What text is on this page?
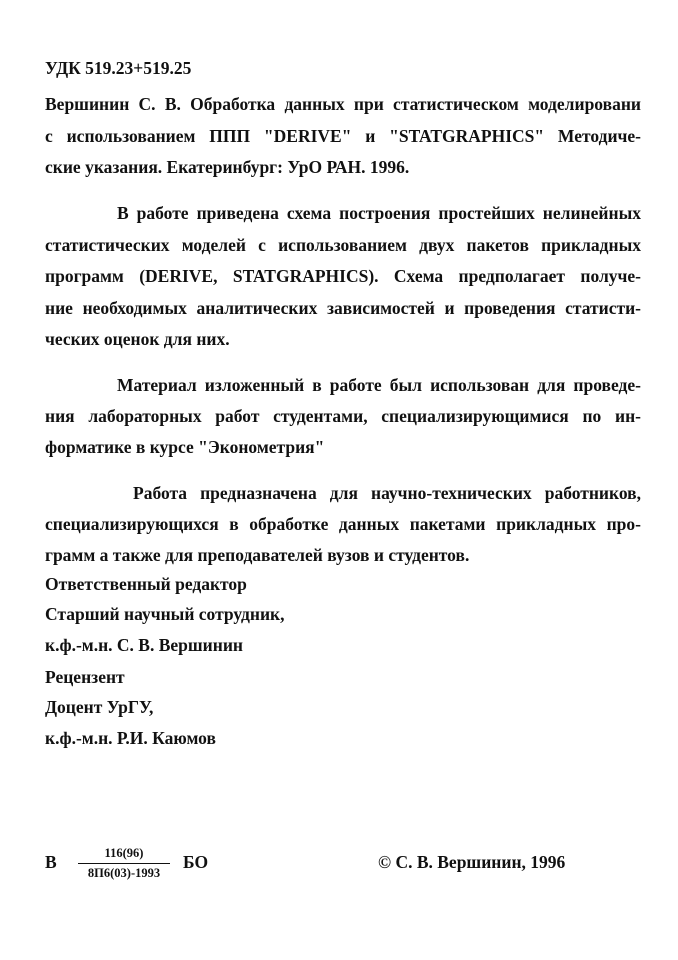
УДК 519.23+519.25
Вершинин С. В. Обработка данных при статистическом моделировани
с использованием ППП "DERIVE" и "STATGRAPHICS" Методиче-
ские указания. Екатеринбург: УрО РАН. 1996.
В работе приведена схема построения простейших нелинейных
статистических моделей с использованием двух пакетов прикладных
программ (DERIVE, STATGRAPHICS). Схема предполагает получе-
ние необходимых аналитических зависимостей и проведения статисти-
ческих оценок для них.
Материал изложенный в работе был использован для проведе-
ния лабораторных работ студентами, специализирующимися по ин-
форматике в курсе "Эконометрия"
Работа предназначена для научно-технических работников,
специализирующихся в обработке данных пакетами прикладных про-
грамм а также для преподавателей вузов и студентов.
Ответственный редактор
Старший научный сотрудник,
к.ф.-м.н. С. В. Вершинин
Рецензент
Доцент УрГУ,
к.ф.-м.н. Р.И. Каюмов
В	116(96)
8П6(03)-1993
БО	© С. В. Вершинин, 1996
